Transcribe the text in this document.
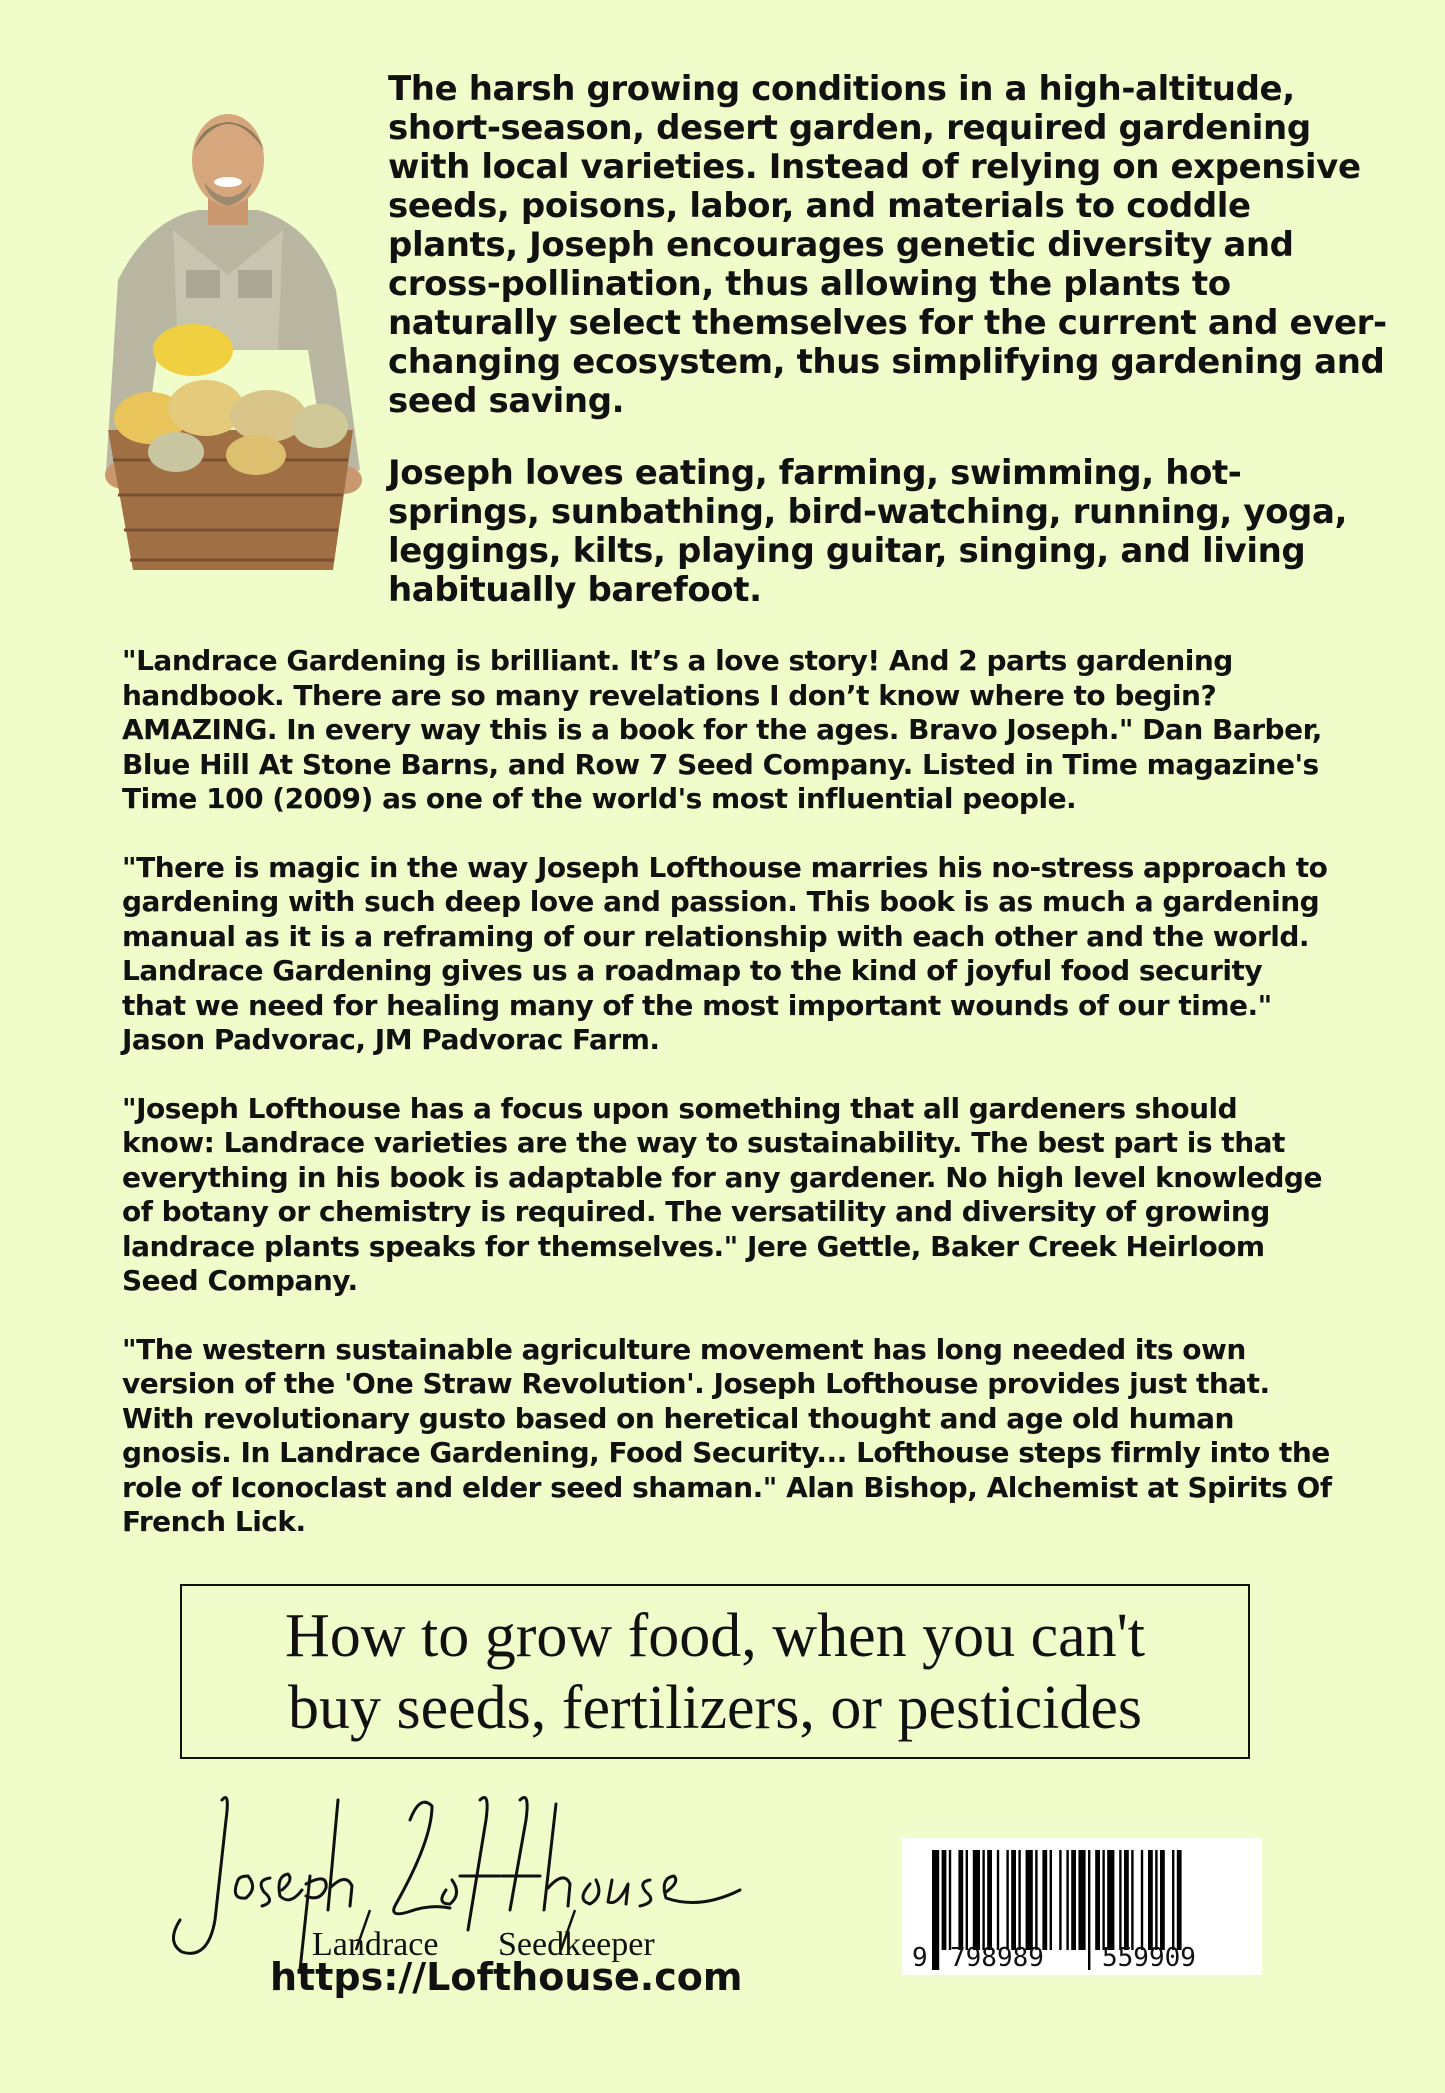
The harsh growing conditions in a high-altitude, short-season, desert garden, required gardening with local varieties. Instead of relying on expensive seeds, poisons, labor, and materials to coddle plants, Joseph encourages genetic diversity and cross-pollination, thus allowing the plants to naturally select themselves for the current and ever-changing ecosystem, thus simplifying gardening and seed saving.

Joseph loves eating, farming, swimming, hot-springs, sunbathing, bird-watching, running, yoga, leggings, kilts, playing guitar, singing, and living habitually barefoot.

"Landrace Gardening is brilliant. It’s a love story! And 2 parts gardening handbook. There are so many revelations I don’t know where to begin? AMAZING. In every way this is a book for the ages. Bravo Joseph." Dan Barber, Blue Hill At Stone Barns, and Row 7 Seed Company. Listed in Time magazine's Time 100 (2009) as one of the world's most influential people.

"There is magic in the way Joseph Lofthouse marries his no-stress approach to gardening with such deep love and passion. This book is as much a gardening manual as it is a reframing of our relationship with each other and the world. Landrace Gardening gives us a roadmap to the kind of joyful food security that we need for healing many of the most important wounds of our time." Jason Padvorac, JM Padvorac Farm.

"Joseph Lofthouse has a focus upon something that all gardeners should know: Landrace varieties are the way to sustainability. The best part is that everything in his book is adaptable for any gardener. No high level knowledge of botany or chemistry is required. The versatility and diversity of growing landrace plants speaks for themselves." Jere Gettle, Baker Creek Heirloom Seed Company.

"The western sustainable agriculture movement has long needed its own version of the 'One Straw Revolution'. Joseph Lofthouse provides just that. With revolutionary gusto based on heretical thought and age old human gnosis. In Landrace Gardening, Food Security... Lofthouse steps firmly into the role of Iconoclast and elder seed shaman." Alan Bishop, Alchemist at Spirits Of French Lick.

How to grow food, when you can't buy seeds, fertilizers, or pesticides
Landrace Seedkeeper
https://Lofthouse.com	9 798989 559909
